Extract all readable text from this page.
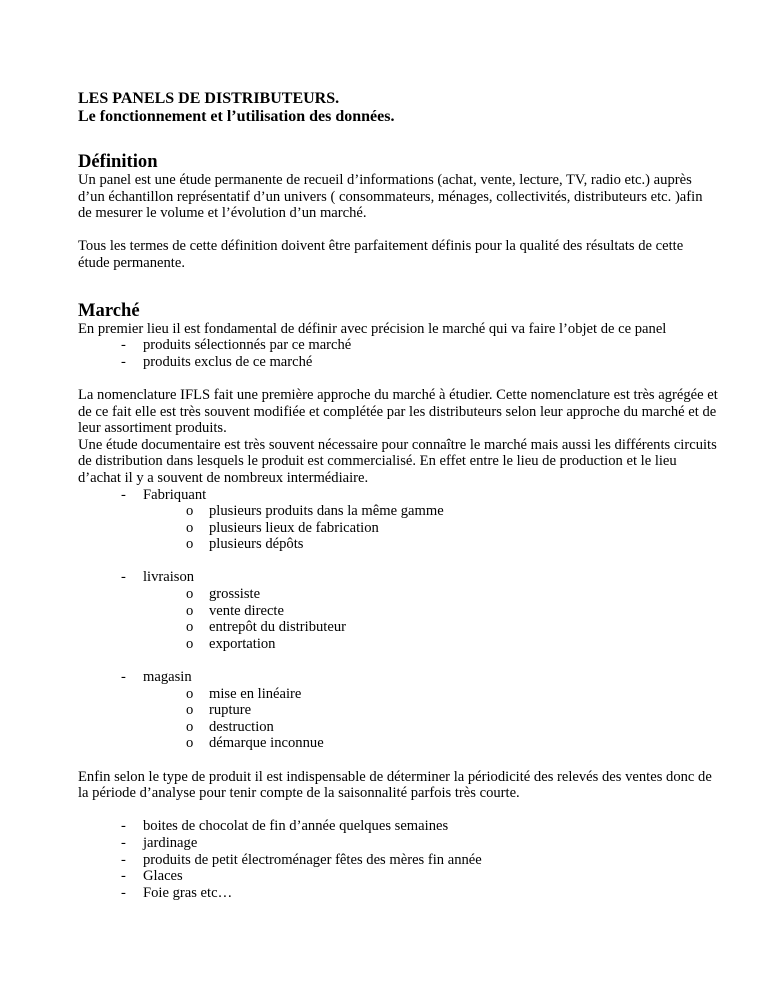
LES PANELS DE DISTRIBUTEURS.

Le fonctionnement et l’utilisation des données.

Définition

Un panel est une étude permanente de recueil d’informations (achat, vente, lecture, TV, radio etc.) auprès d’un échantillon représentatif d’un univers ( consommateurs, ménages, collectivités, distributeurs etc. )afin de mesurer le volume et l’évolution d’un marché.

Tous les termes de cette définition doivent être parfaitement définis pour la qualité des résultats de cette étude permanente.

Marché

En premier lieu il est fondamental de définir avec précision le marché qui va faire l’objet de ce panel

- produits sélectionnés par ce marché
- produits exclus de ce marché

La nomenclature IFLS fait une première approche du marché à étudier. Cette nomenclature est très agrégée et de ce fait elle est très souvent modifiée et complétée par les distributeurs selon leur approche du marché et de leur assortiment produits.

Une étude documentaire est très souvent nécessaire pour connaître le marché mais aussi les différents circuits de distribution dans lesquels le produit est commercialisé. En effet entre le lieu de production et le lieu d’achat il y a souvent de nombreux intermédiaire.

- Fabriquant
o plusieurs produits dans la même gamme
o plusieurs lieux de fabrication
o plusieurs dépôts
- livraison
o grossiste
o vente directe
o entrepôt du distributeur
o exportation
- magasin
o mise en linéaire
o rupture
o destruction
o démarque inconnue

Enfin selon le type de produit il est indispensable de déterminer la périodicité des relevés des ventes donc de la période d’analyse pour tenir compte de la saisonnalité parfois très courte.

- boites de chocolat de fin d’année quelques semaines
- jardinage
- produits de petit électroménager fêtes des mères fin année
- Glaces
- Foie gras etc…
